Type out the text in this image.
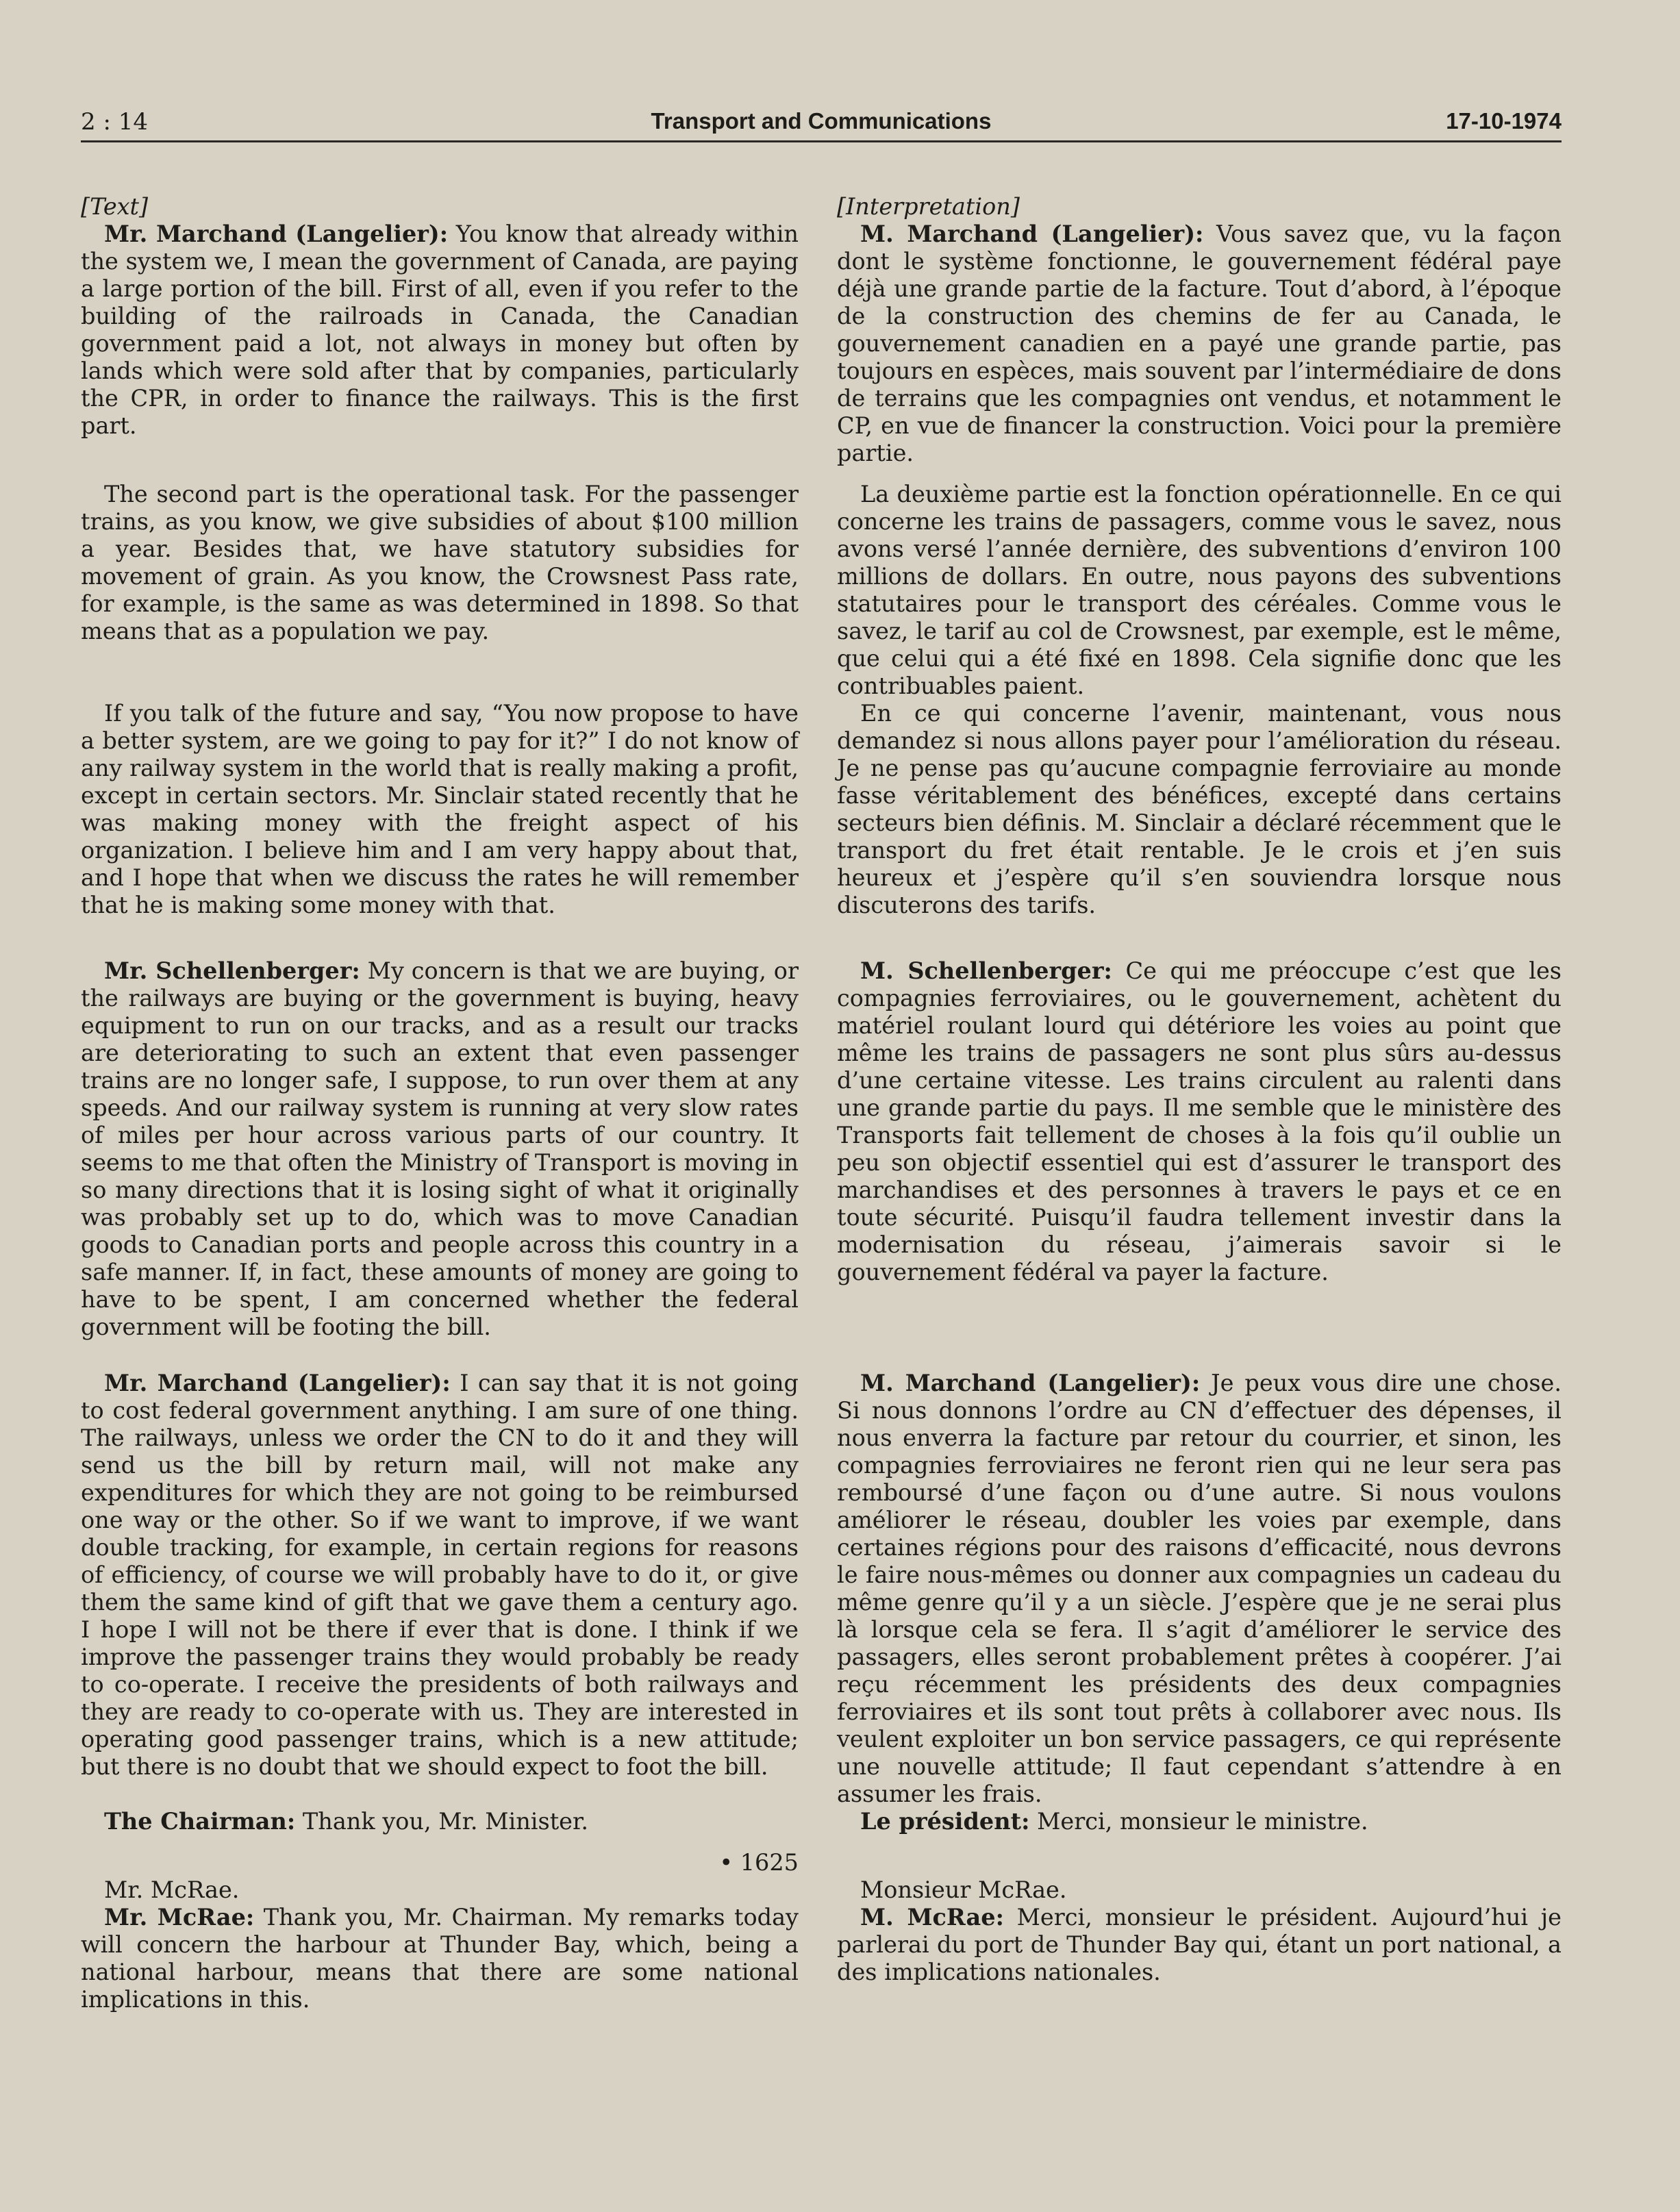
2 : 14	Transport and Communications	17-10-1974
[Text]

Mr. Marchand (Langelier): You know that already within the system we, I mean the government of Canada, are paying a large portion of the bill. First of all, even if you refer to the building of the railroads in Canada, the Canadian government paid a lot, not always in money but often by lands which were sold after that by companies, particularly the CPR, in order to finance the railways. This is the first part.

The second part is the operational task. For the passenger trains, as you know, we give subsidies of about $100 million a year. Besides that, we have statutory subsidies for movement of grain. As you know, the Crowsnest Pass rate, for example, is the same as was determined in 1898. So that means that as a population we pay.

If you talk of the future and say, “You now propose to have a better system, are we going to pay for it?” I do not know of any railway system in the world that is really making a profit, except in certain sectors. Mr. Sinclair stated recently that he was making money with the freight aspect of his organization. I believe him and I am very happy about that, and I hope that when we discuss the rates he will remember that he is making some money with that.

Mr. Schellenberger: My concern is that we are buying, or the railways are buying or the government is buying, heavy equipment to run on our tracks, and as a result our tracks are deteriorating to such an extent that even passenger trains are no longer safe, I suppose, to run over them at any speeds. And our railway system is running at very slow rates of miles per hour across various parts of our country. It seems to me that often the Ministry of Transport is moving in so many directions that it is losing sight of what it originally was probably set up to do, which was to move Canadian goods to Canadian ports and people across this country in a safe manner. If, in fact, these amounts of money are going to have to be spent, I am concerned whether the federal government will be footing the bill.

Mr. Marchand (Langelier): I can say that it is not going to cost federal government anything. I am sure of one thing. The railways, unless we order the CN to do it and they will send us the bill by return mail, will not make any expenditures for which they are not going to be reimbursed one way or the other. So if we want to improve, if we want double tracking, for example, in certain regions for reasons of efficiency, of course we will probably have to do it, or give them the same kind of gift that we gave them a century ago. I hope I will not be there if ever that is done. I think if we improve the passenger trains they would probably be ready to co-operate. I receive the presidents of both railways and they are ready to co-operate with us. They are interested in operating good passenger trains, which is a new attitude; but there is no doubt that we should expect to foot the bill.

The Chairman: Thank you, Mr. Minister.

• 1625

Mr. McRae.

Mr. McRae: Thank you, Mr. Chairman. My remarks today will concern the harbour at Thunder Bay, which, being a national harbour, means that there are some national implications in this.

[Interpretation]

M. Marchand (Langelier): Vous savez que, vu la façon dont le système fonctionne, le gouvernement fédéral paye déjà une grande partie de la facture. Tout d’abord, à l’époque de la construction des chemins de fer au Canada, le gouvernement canadien en a payé une grande partie, pas toujours en espèces, mais souvent par l’intermédiaire de dons de terrains que les compagnies ont vendus, et notamment le CP, en vue de financer la construction. Voici pour la première partie.

La deuxième partie est la fonction opérationnelle. En ce qui concerne les trains de passagers, comme vous le savez, nous avons versé l’année dernière, des subventions d’environ 100 millions de dollars. En outre, nous payons des subventions statutaires pour le transport des céréales. Comme vous le savez, le tarif au col de Crowsnest, par exemple, est le même, que celui qui a été fixé en 1898. Cela signifie donc que les contribuables paient.

En ce qui concerne l’avenir, maintenant, vous nous demandez si nous allons payer pour l’amélioration du réseau. Je ne pense pas qu’aucune compagnie ferroviaire au monde fasse véritablement des bénéfices, excepté dans certains secteurs bien définis. M. Sinclair a déclaré récemment que le transport du fret était rentable. Je le crois et j’en suis heureux et j’espère qu’il s’en souviendra lorsque nous discuterons des tarifs.

M. Schellenberger: Ce qui me préoccupe c’est que les compagnies ferroviaires, ou le gouvernement, achètent du matériel roulant lourd qui détériore les voies au point que même les trains de passagers ne sont plus sûrs au-dessus d’une certaine vitesse. Les trains circulent au ralenti dans une grande partie du pays. Il me semble que le ministère des Transports fait tellement de choses à la fois qu’il oublie un peu son objectif essentiel qui est d’assurer le transport des marchandises et des personnes à travers le pays et ce en toute sécurité. Puisqu’il faudra tellement investir dans la modernisation du réseau, j’aimerais savoir si le gouvernement fédéral va payer la facture.

M. Marchand (Langelier): Je peux vous dire une chose. Si nous donnons l’ordre au CN d’effectuer des dépenses, il nous enverra la facture par retour du courrier, et sinon, les compagnies ferroviaires ne feront rien qui ne leur sera pas remboursé d’une façon ou d’une autre. Si nous voulons améliorer le réseau, doubler les voies par exemple, dans certaines régions pour des raisons d’efficacité, nous devrons le faire nous-mêmes ou donner aux compagnies un cadeau du même genre qu’il y a un siècle. J’espère que je ne serai plus là lorsque cela se fera. Il s’agit d’améliorer le service des passagers, elles seront probablement prêtes à coopérer. J’ai reçu récemment les présidents des deux compagnies ferroviaires et ils sont tout prêts à collaborer avec nous. Ils veulent exploiter un bon service passagers, ce qui représente une nouvelle attitude; Il faut cependant s’attendre à en assumer les frais.

Le président: Merci, monsieur le ministre.

Monsieur McRae.

M. McRae: Merci, monsieur le président. Aujourd’hui je parlerai du port de Thunder Bay qui, étant un port national, a des implications nationales.
